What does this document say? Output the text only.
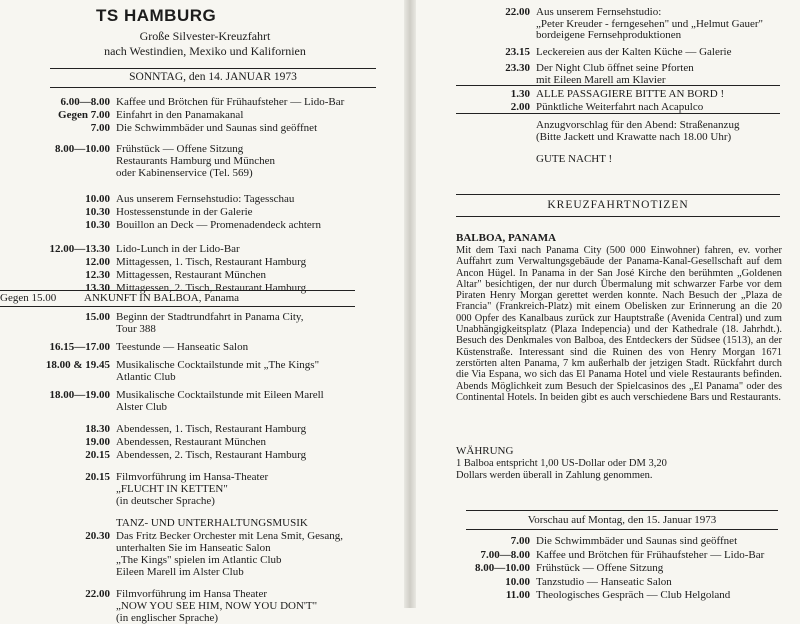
TS HAMBURG
Große Silvester-Kreuzfahrt
nach Westindien, Mexiko und Kalifornien
SONNTAG, den 14. JANUAR 1973
6.00—8.00 Kaffee und Brötchen für Frühaufsteher — Lido-Bar
Gegen 7.00 Einfahrt in den Panamakanal
7.00 Die Schwimmbäder und Saunas sind geöffnet
8.00—10.00 Frühstück — Offene Sitzung
Restaurants Hamburg und München
oder Kabinenservice (Tel. 569)
10.00 Aus unserem Fernsehstudio: Tagesschau
10.30 Hostessenstunde in der Galerie
10.30 Bouillon an Deck — Promenadendeck achtern
12.00—13.30 Lido-Lunch in der Lido-Bar
12.00 Mittagessen, 1. Tisch, Restaurant Hamburg
12.30 Mittagessen, Restaurant München
13.30 Mittagessen, 2. Tisch, Restaurant Hamburg
Gegen 15.00	ANKUNFT IN BALBOA, Panama
15.00 Beginn der Stadtrundfahrt in Panama City,
Tour 388
16.15—17.00 Teestunde — Hanseatic Salon
18.00 & 19.45 Musikalische Cocktailstunde mit „The Kings"
Atlantic Club
18.00—19.00 Musikalische Cocktailstunde mit Eileen Marell
Alster Club
18.30 Abendessen, 1. Tisch, Restaurant Hamburg
19.00 Abendessen, Restaurant München
20.15 Abendessen, 2. Tisch, Restaurant Hamburg
20.15 Filmvorführung im Hansa-Theater
„FLUCHT IN KETTEN"
(in deutscher Sprache)
TANZ- UND UNTERHALTUNGSMUSIK
20.30 Das Fritz Becker Orchester mit Lena Smit, Gesang,
unterhalten Sie im Hanseatic Salon
„The Kings" spielen im Atlantic Club
Eileen Marell im Alster Club
22.00 Filmvorführung im Hansa Theater
„NOW YOU SEE HIM, NOW YOU DON'T"
(in englischer Sprache)
22.00 Aus unserem Fernsehstudio:
„Peter Kreuder - ferngesehen" und „Helmut Gauer"
bordeigene Fernsehproduktionen
23.15 Leckereien aus der Kalten Küche — Galerie
23.30 Der Night Club öffnet seine Pforten
mit Eileen Marell am Klavier
1.30 ALLE PASSAGIERE BITTE AN BORD !
2.00 Pünktliche Weiterfahrt nach Acapulco
Anzugvorschlag für den Abend: Straßenanzug
(Bitte Jackett und Krawatte nach 18.00 Uhr)
GUTE NACHT !
KREUZFAHRTNOTIZEN
BALBOA, PANAMA

Mit dem Taxi nach Panama City (500 000 Einwohner) fahren, ev. vorher Auffahrt zum Verwaltungsgebäude der Panama-Kanal-Gesellschaft auf dem Ancon Hügel. In Panama in der San José Kirche den berühmten „Goldenen Altar" besichtigen, der nur durch Übermalung mit schwarzer Farbe vor dem Piraten Henry Morgan gerettet werden konnte. Nach Besuch der „Plaza de Francia" (Frankreich-Platz) mit einem Obelisken zur Erinnerung an die 20 000 Opfer des Kanalbaus zurück zur Hauptstraße (Avenida Central) und zum Unabhängigkeitsplatz (Plaza Indepencia) und der Kathedrale (18. Jahrhdt.). Besuch des Denkmales von Balboa, des Entdeckers der Südsee (1513), an der Küstenstraße. Interessant sind die Ruinen des von Henry Morgan 1671 zerstörten alten Panama, 7 km außerhalb der jetzigen Stadt. Rückfahrt durch die Via Espana, wo sich das El Panama Hotel und viele Restaurants befinden. Abends Möglichkeit zum Besuch der Spielcasinos des „El Panama" oder des Continental Hotels. In beiden gibt es auch verschiedene Bars und Restaurants.

WÄHRUNG
1 Balboa entspricht 1,00 US-Dollar oder DM 3,20
Dollars werden überall in Zahlung genommen.
Vorschau auf Montag, den 15. Januar 1973
7.00 Die Schwimmbäder und Saunas sind geöffnet
7.00—8.00 Kaffee und Brötchen für Frühaufsteher — Lido-Bar
8.00—10.00 Frühstück — Offene Sitzung
10.00 Tanzstudio — Hanseatic Salon
11.00 Theologisches Gespräch — Club Helgoland
